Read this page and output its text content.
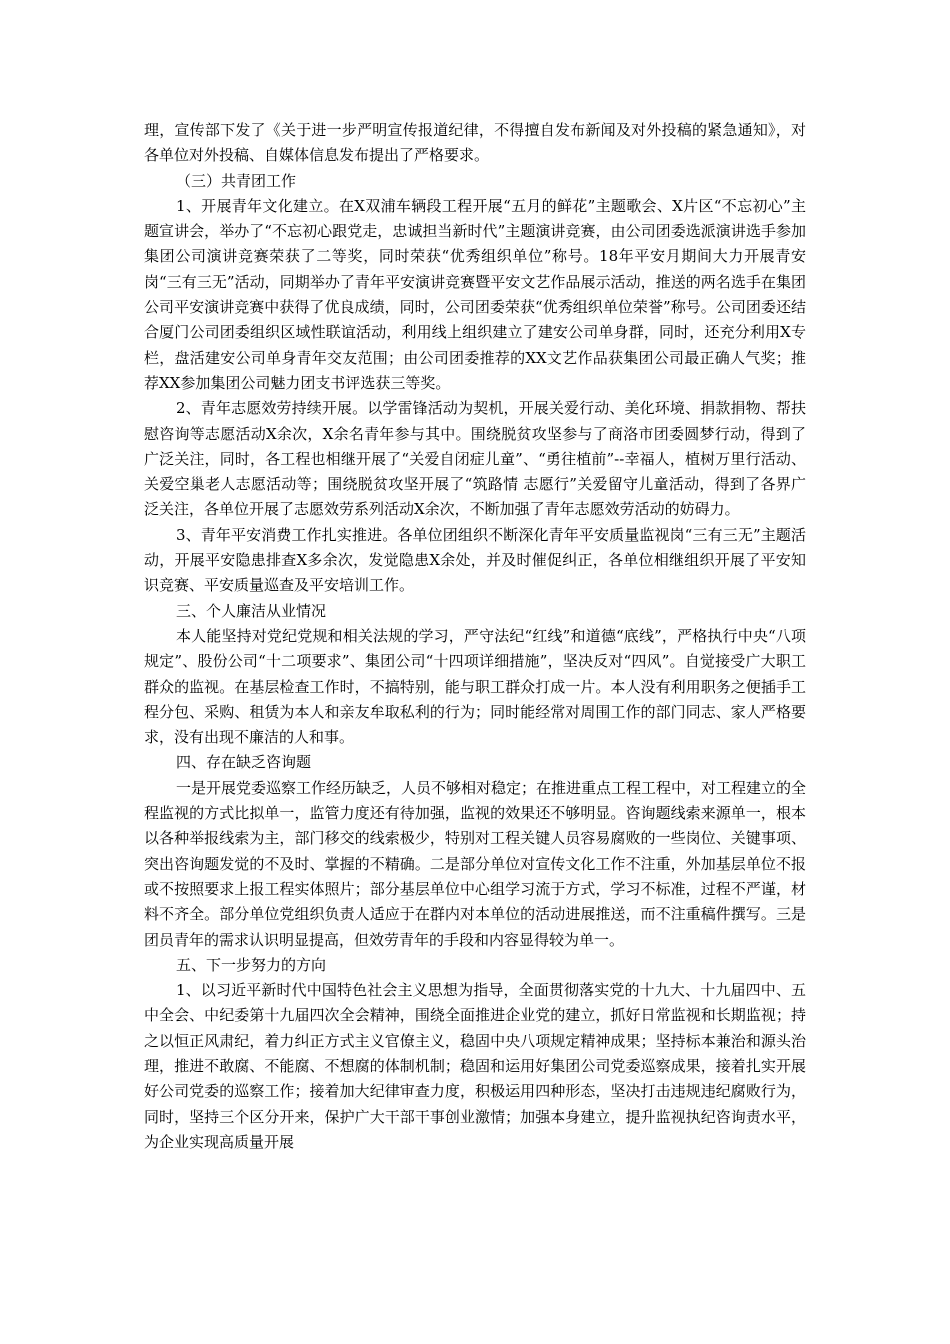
理，宣传部下发了《关于进一步严明宣传报道纪律，不得擅自发布新闻及对外投稿的紧急通知》，对各单位对外投稿、自媒体信息发布提出了严格要求。

（三）共青团工作

1、开展青年文化建立。在X双浦车辆段工程开展“五月的鲜花”主题歌会、X片区“不忘初心”主题宣讲会，举办了“不忘初心跟党走，忠诚担当新时代”主题演讲竞赛，由公司团委选派演讲选手参加集团公司演讲竞赛荣获了二等奖，同时荣获“优秀组织单位”称号。18年平安月期间大力开展青安岗“三有三无”活动，同期举办了青年平安演讲竞赛暨平安文艺作品展示活动，推送的两名选手在集团公司平安演讲竞赛中获得了优良成绩，同时，公司团委荣获“优秀组织单位荣誉”称号。公司团委还结合厦门公司团委组织区域性联谊活动，利用线上组织建立了建安公司单身群，同时，还充分利用X专栏，盘活建安公司单身青年交友范围；由公司团委推荐的XX文艺作品获集团公司最正确人气奖；推荐XX参加集团公司魅力团支书评选获三等奖。

2、青年志愿效劳持续开展。以学雷锋活动为契机，开展关爱行动、美化环境、捐款捐物、帮扶慰咨询等志愿活动X余次，X余名青年参与其中。围绕脱贫攻坚参与了商洛市团委圆梦行动，得到了广泛关注，同时，各工程也相继开展了“关爱自闭症儿童”、“勇往植前”--幸福人，植树万里行活动、关爱空巢老人志愿活动等；围绕脱贫攻坚开展了“筑路情 志愿行”关爱留守儿童活动，得到了各界广泛关注，各单位开展了志愿效劳系列活动X余次，不断加强了青年志愿效劳活动的妨碍力。

3、青年平安消费工作扎实推进。各单位团组织不断深化青年平安质量监视岗“三有三无”主题活动，开展平安隐患排查X多余次，发觉隐患X余处，并及时催促纠正，各单位相继组织开展了平安知识竞赛、平安质量巡查及平安培训工作。

三、个人廉洁从业情况

本人能坚持对党纪党规和相关法规的学习，严守法纪“红线”和道德“底线”，严格执行中央“八项规定”、股份公司“十二项要求”、集团公司“十四项详细措施”，坚决反对“四风”。自觉接受广大职工群众的监视。在基层检查工作时，不搞特别，能与职工群众打成一片。本人没有利用职务之便插手工程分包、采购、租赁为本人和亲友牟取私利的行为；同时能经常对周围工作的部门同志、家人严格要求，没有出现不廉洁的人和事。

四、存在缺乏咨询题

一是开展党委巡察工作经历缺乏，人员不够相对稳定；在推进重点工程工程中，对工程建立的全程监视的方式比拟单一，监管力度还有待加强，监视的效果还不够明显。咨询题线索来源单一，根本以各种举报线索为主，部门移交的线索极少，特别对工程关键人员容易腐败的一些岗位、关键事项、突出咨询题发觉的不及时、掌握的不精确。二是部分单位对宣传文化工作不注重，外加基层单位不报或不按照要求上报工程实体照片；部分基层单位中心组学习流于方式，学习不标准，过程不严谨，材料不齐全。部分单位党组织负责人适应于在群内对本单位的活动进展推送，而不注重稿件撰写。三是团员青年的需求认识明显提高，但效劳青年的手段和内容显得较为单一。

五、下一步努力的方向

1、以习近平新时代中国特色社会主义思想为指导，全面贯彻落实党的十九大、十九届四中、五中全会、中纪委第十九届四次全会精神，围绕全面推进企业党的建立，抓好日常监视和长期监视；持之以恒正风肃纪，着力纠正方式主义官僚主义，稳固中央八项规定精神成果；坚持标本兼治和源头治理，推进不敢腐、不能腐、不想腐的体制机制；稳固和运用好集团公司党委巡察成果，接着扎实开展好公司党委的巡察工作；接着加大纪律审查力度，积极运用四种形态，坚决打击违规违纪腐败行为，同时，坚持三个区分开来，保护广大干部干事创业激情；加强本身建立，提升监视执纪咨询责水平，为企业实现高质量开展
